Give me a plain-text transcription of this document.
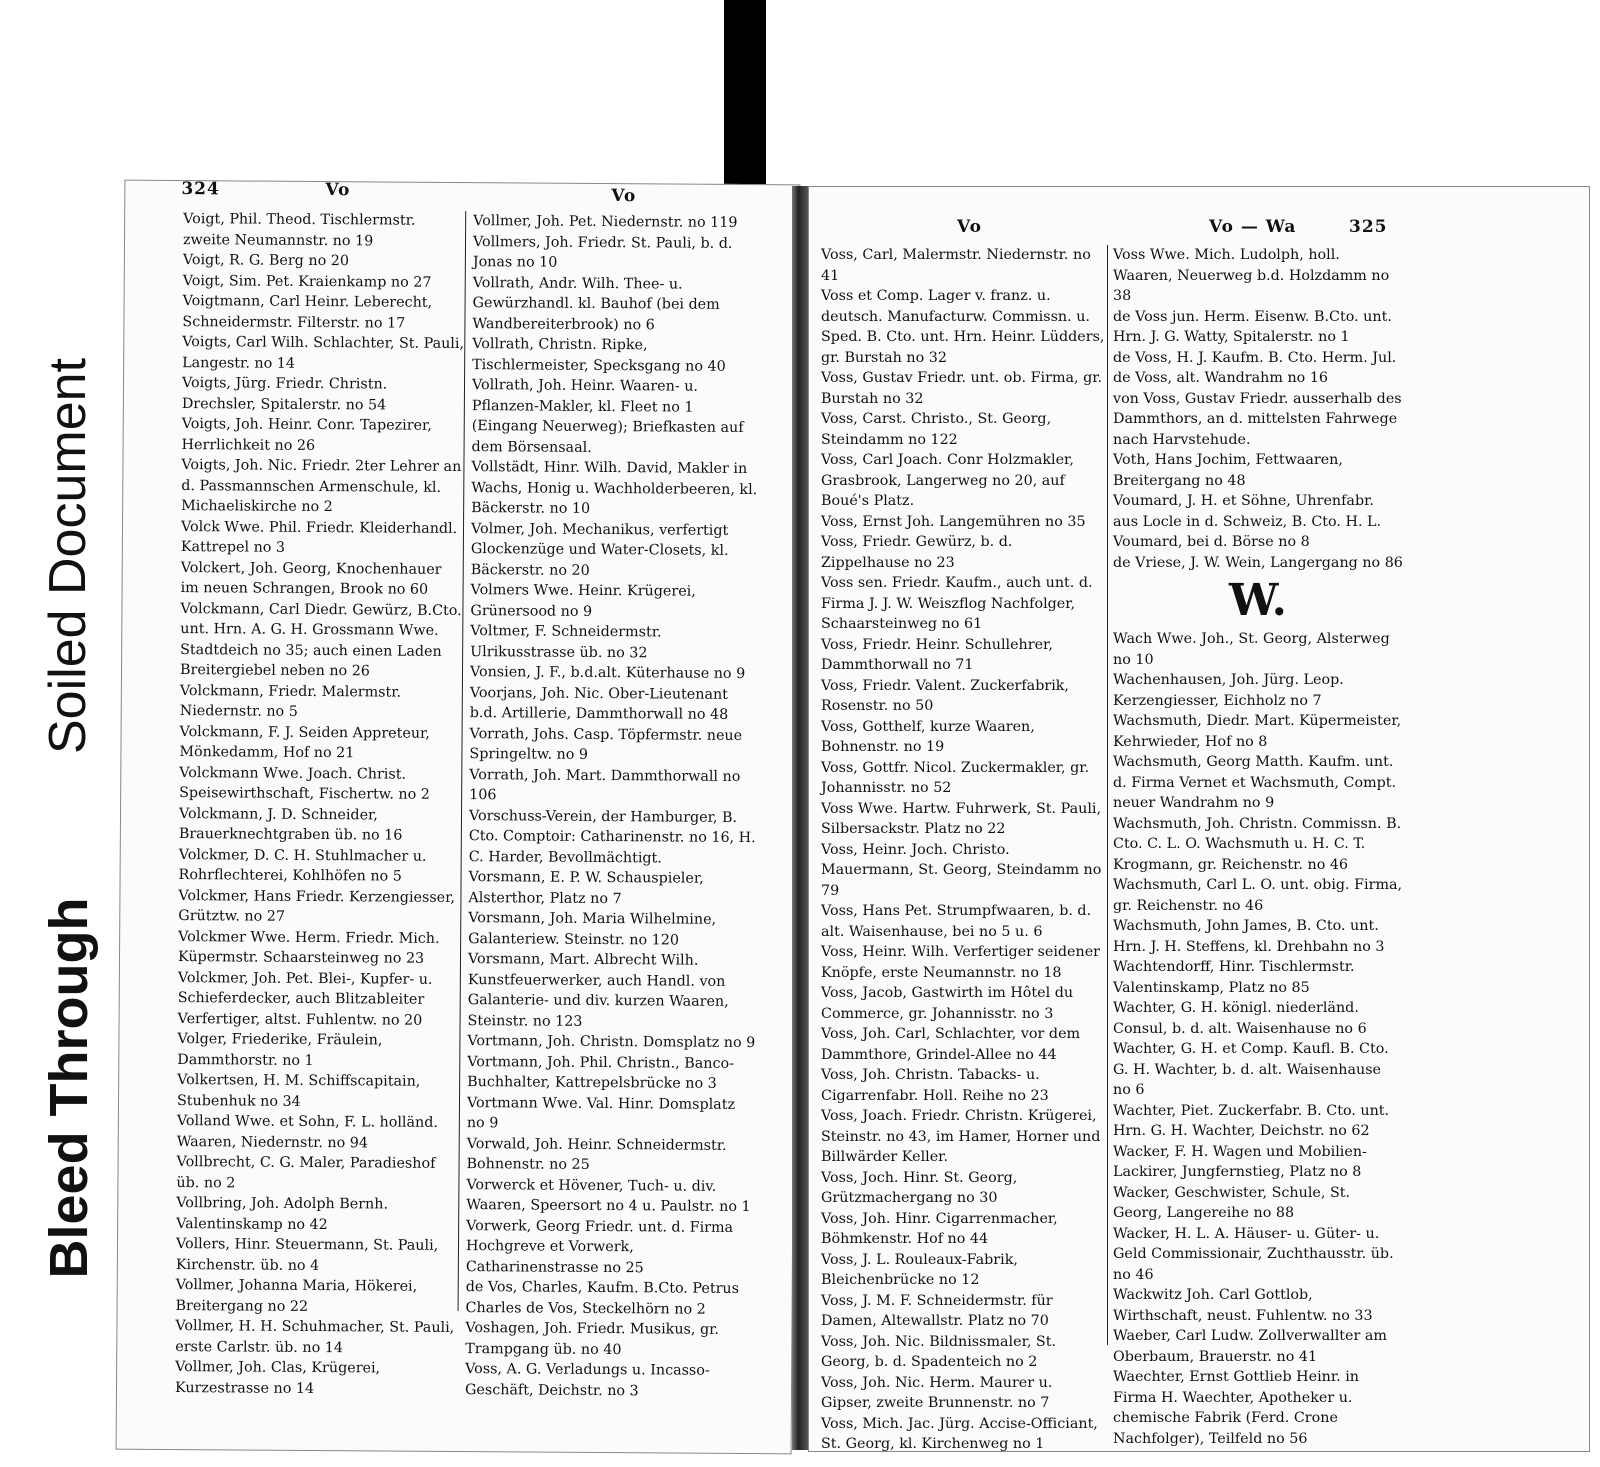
Soiled Document
Bleed Through
324	Vo	Vo

Voigt, Phil. Theod. Tischlermstr. zweite Neumannstr. no 19

Voigt, R. G. Berg no 20

Voigt, Sim. Pet. Kraienkamp no 27

Voigtmann, Carl Heinr. Leberecht, Schneidermstr. Filterstr. no 17

Voigts, Carl Wilh. Schlachter, St. Pauli, Langestr. no 14

Voigts, Jürg. Friedr. Christn. Drechsler, Spitalerstr. no 54

Voigts, Joh. Heinr. Conr. Tapezirer, Herrlichkeit no 26

Voigts, Joh. Nic. Friedr. 2ter Lehrer an d. Passmannschen Armenschule, kl. Michaeliskirche no 2

Volck Wwe. Phil. Friedr. Kleiderhandl. Kattrepel no 3

Volckert, Joh. Georg, Knochenhauer im neuen Schrangen, Brook no 60

Volckmann, Carl Diedr. Gewürz, B.Cto. unt. Hrn. A. G. H. Grossmann Wwe. Stadtdeich no 35; auch einen Laden Breitergiebel neben no 26

Volckmann, Friedr. Malermstr. Niedernstr. no 5

Volckmann, F. J. Seiden Appreteur, Mönkedamm, Hof no 21

Volckmann Wwe. Joach. Christ. Speisewirthschaft, Fischertw. no 2

Volckmann, J. D. Schneider, Brauerknechtgraben üb. no 16

Volckmer, D. C. H. Stuhlmacher u. Rohrflechterei, Kohlhöfen no 5

Volckmer, Hans Friedr. Kerzengiesser, Grütztw. no 27

Volckmer Wwe. Herm. Friedr. Mich. Küpermstr. Schaarsteinweg no 23

Volckmer, Joh. Pet. Blei-, Kupfer- u. Schieferdecker, auch Blitzableiter Verfertiger, altst. Fuhlentw. no 20

Volger, Friederike, Fräulein, Dammthorstr. no 1

Volkertsen, H. M. Schiffscapitain, Stubenhuk no 34

Volland Wwe. et Sohn, F. L. holländ. Waaren, Niedernstr. no 94

Vollbrecht, C. G. Maler, Paradieshof üb. no 2

Vollbring, Joh. Adolph Bernh. Valentinskamp no 42

Vollers, Hinr. Steuermann, St. Pauli, Kirchenstr. üb. no 4

Vollmer, Johanna Maria, Hökerei, Breitergang no 22

Vollmer, H. H. Schuhmacher, St. Pauli, erste Carlstr. üb. no 14

Vollmer, Joh. Clas, Krügerei, Kurzestrasse no 14

Vollmer, Joh. Pet. Niedernstr. no 119

Vollmers, Joh. Friedr. St. Pauli, b. d. Jonas no 10

Vollrath, Andr. Wilh. Thee- u. Gewürzhandl. kl. Bauhof (bei dem Wandbereiterbrook) no 6

Vollrath, Christn. Ripke, Tischlermeister, Specksgang no 40

Vollrath, Joh. Heinr. Waaren- u. Pflanzen-Makler, kl. Fleet no 1 (Eingang Neuerweg); Briefkasten auf dem Börsensaal.

Vollstädt, Hinr. Wilh. David, Makler in Wachs, Honig u. Wachholderbeeren, kl. Bäckerstr. no 10

Volmer, Joh. Mechanikus, verfertigt Glockenzüge und Water-Closets, kl. Bäckerstr. no 20

Volmers Wwe. Heinr. Krügerei, Grünersood no 9

Voltmer, F. Schneidermstr. Ulrikusstrasse üb. no 32

Vonsien, J. F., b.d.alt. Küterhause no 9

Voorjans, Joh. Nic. Ober-Lieutenant b.d. Artillerie, Dammthorwall no 48

Vorrath, Johs. Casp. Töpfermstr. neue Springeltw. no 9

Vorrath, Joh. Mart. Dammthorwall no 106

Vorschuss-Verein, der Hamburger, B. Cto. Comptoir: Catharinenstr. no 16, H. C. Harder, Bevollmächtigt.

Vorsmann, E. P. W. Schauspieler, Alsterthor, Platz no 7

Vorsmann, Joh. Maria Wilhelmine, Galanteriew. Steinstr. no 120

Vorsmann, Mart. Albrecht Wilh. Kunstfeuerwerker, auch Handl. von Galanterie- und div. kurzen Waaren, Steinstr. no 123

Vortmann, Joh. Christn. Domsplatz no 9

Vortmann, Joh. Phil. Christn., Banco-Buchhalter, Kattrepelsbrücke no 3

Vortmann Wwe. Val. Hinr. Domsplatz no 9

Vorwald, Joh. Heinr. Schneidermstr. Bohnenstr. no 25

Vorwerck et Hövener, Tuch- u. div. Waaren, Speersort no 4 u. Paulstr. no 1

Vorwerk, Georg Friedr. unt. d. Firma Hochgreve et Vorwerk, Catharinenstrasse no 25

de Vos, Charles, Kaufm. B.Cto. Petrus Charles de Vos, Steckelhörn no 2

Voshagen, Joh. Friedr. Musikus, gr. Trampgang üb. no 40

Voss, A. G. Verladungs u. Incasso-Geschäft, Deichstr. no 3

Vo	Vo — Wa	325

Voss, Carl, Malermstr. Niedernstr. no 41

Voss et Comp. Lager v. franz. u. deutsch. Manufacturw. Commissn. u. Sped. B. Cto. unt. Hrn. Heinr. Lüdders, gr. Burstah no 32

Voss, Gustav Friedr. unt. ob. Firma, gr. Burstah no 32

Voss, Carst. Christo., St. Georg, Steindamm no 122

Voss, Carl Joach. Conr Holzmakler, Grasbrook, Langerweg no 20, auf Boué's Platz.

Voss, Ernst Joh. Langemühren no 35

Voss, Friedr. Gewürz, b. d. Zippelhause no 23

Voss sen. Friedr. Kaufm., auch unt. d. Firma J. J. W. Weiszflog Nachfolger, Schaarsteinweg no 61

Voss, Friedr. Heinr. Schullehrer, Dammthorwall no 71

Voss, Friedr. Valent. Zuckerfabrik, Rosenstr. no 50

Voss, Gotthelf, kurze Waaren, Bohnenstr. no 19

Voss, Gottfr. Nicol. Zuckermakler, gr. Johannisstr. no 52

Voss Wwe. Hartw. Fuhrwerk, St. Pauli, Silbersackstr. Platz no 22

Voss, Heinr. Joch. Christo. Mauermann, St. Georg, Steindamm no 79

Voss, Hans Pet. Strumpfwaaren, b. d. alt. Waisenhause, bei no 5 u. 6

Voss, Heinr. Wilh. Verfertiger seidener Knöpfe, erste Neumannstr. no 18

Voss, Jacob, Gastwirth im Hôtel du Commerce, gr. Johannisstr. no 3

Voss, Joh. Carl, Schlachter, vor dem Dammthore, Grindel-Allee no 44

Voss, Joh. Christn. Tabacks- u. Cigarrenfabr. Holl. Reihe no 23

Voss, Joach. Friedr. Christn. Krügerei, Steinstr. no 43, im Hamer, Horner und Billwärder Keller.

Voss, Joch. Hinr. St. Georg, Grützmachergang no 30

Voss, Joh. Hinr. Cigarrenmacher, Böhmkenstr. Hof no 44

Voss, J. L. Rouleaux-Fabrik, Bleichenbrücke no 12

Voss, J. M. F. Schneidermstr. für Damen, Altewallstr. Platz no 70

Voss, Joh. Nic. Bildnissmaler, St. Georg, b. d. Spadenteich no 2

Voss, Joh. Nic. Herm. Maurer u. Gipser, zweite Brunnenstr. no 7

Voss, Mich. Jac. Jürg. Accise-Officiant, St. Georg, kl. Kirchenweg no 1

Voss Wwe. Mich. Ludolph, holl. Waaren, Neuerweg b.d. Holzdamm no 38

de Voss jun. Herm. Eisenw. B.Cto. unt. Hrn. J. G. Watty, Spitalerstr. no 1

de Voss, H. J. Kaufm. B. Cto. Herm. Jul. de Voss, alt. Wandrahm no 16

von Voss, Gustav Friedr. ausserhalb des Dammthors, an d. mittelsten Fahrwege nach Harvstehude.

Voth, Hans Jochim, Fettwaaren, Breitergang no 48

Voumard, J. H. et Söhne, Uhrenfabr. aus Locle in d. Schweiz, B. Cto. H. L. Voumard, bei d. Börse no 8

de Vriese, J. W. Wein, Langergang no 86

W.

Wach Wwe. Joh., St. Georg, Alsterweg no 10

Wachenhausen, Joh. Jürg. Leop. Kerzengiesser, Eichholz no 7

Wachsmuth, Diedr. Mart. Küpermeister, Kehrwieder, Hof no 8

Wachsmuth, Georg Matth. Kaufm. unt. d. Firma Vernet et Wachsmuth, Compt. neuer Wandrahm no 9

Wachsmuth, Joh. Christn. Commissn. B. Cto. C. L. O. Wachsmuth u. H. C. T. Krogmann, gr. Reichenstr. no 46

Wachsmuth, Carl L. O. unt. obig. Firma, gr. Reichenstr. no 46

Wachsmuth, John James, B. Cto. unt. Hrn. J. H. Steffens, kl. Drehbahn no 3

Wachtendorff, Hinr. Tischlermstr. Valentinskamp, Platz no 85

Wachter, G. H. königl. niederländ. Consul, b. d. alt. Waisenhause no 6

Wachter, G. H. et Comp. Kaufl. B. Cto. G. H. Wachter, b. d. alt. Waisenhause no 6

Wachter, Piet. Zuckerfabr. B. Cto. unt. Hrn. G. H. Wachter, Deichstr. no 62

Wacker, F. H. Wagen und Mobilien-Lackirer, Jungfernstieg, Platz no 8

Wacker, Geschwister, Schule, St. Georg, Langereihe no 88

Wacker, H. L. A. Häuser- u. Güter- u. Geld Commissionair, Zuchthausstr. üb. no 46

Wackwitz Joh. Carl Gottlob, Wirthschaft, neust. Fuhlentw. no 33

Waeber, Carl Ludw. Zollverwallter am Oberbaum, Brauerstr. no 41

Waechter, Ernst Gottlieb Heinr. in Firma H. Waechter, Apotheker u. chemische Fabrik (Ferd. Crone Nachfolger), Teilfeld no 56
